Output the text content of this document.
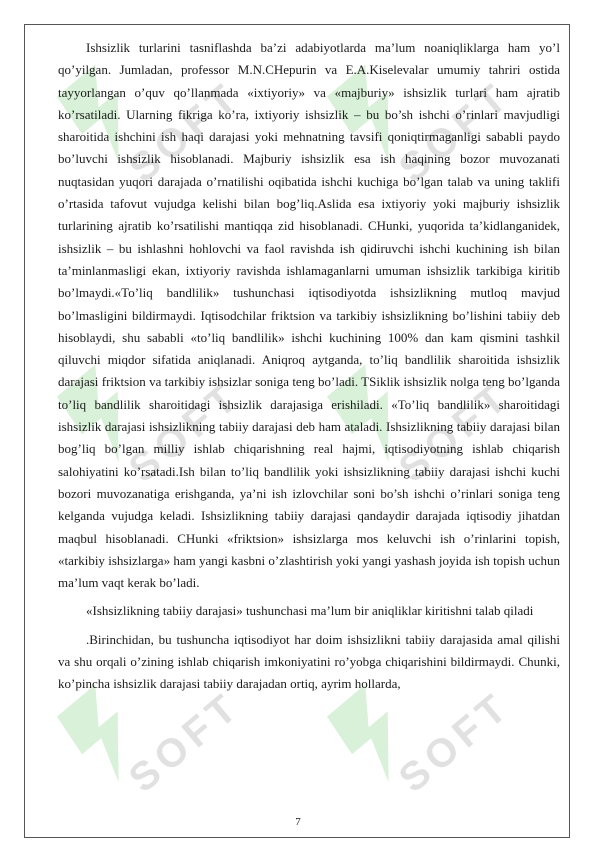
SOFT	SOFT
SOFT	SOFT
SOFT	SOFT

Ishsizlik turlarini tasniflashda ba’zi adabiyotlarda ma’lum noaniqliklarga ham yo’l qo’yilgan. Jumladan, professor M.N.CHepurin va E.A.Kiselevalar umumiy tahriri ostida tayyorlangan o’quv qo’llanmada «ixtiyoriy» va «majburiy» ishsizlik turlari ham ajratib ko’rsatiladi. Ularning fikriga ko’ra, ixtiyoriy ishsizlik – bu bo’sh ishchi o’rinlari mavjudligi sharoitida ishchini ish haqi darajasi yoki mehnatning tavsifi qoniqtirmaganligi sababli paydo bo’luvchi ishsizlik hisoblanadi. Majburiy ishsizlik esa ish haqining bozor muvozanati nuqtasidan yuqori darajada o’rnatilishi oqibatida ishchi kuchiga bo’lgan talab va uning taklifi o’rtasida tafovut vujudga kelishi bilan bog’liq.Aslida esa ixtiyoriy yoki majburiy ishsizlik turlarining ajratib ko’rsatilishi mantiqqa zid hisoblanadi. CHunki, yuqorida ta’kidlanganidek, ishsizlik – bu ishlashni hohlovchi va faol ravishda ish qidiruvchi ishchi kuchining ish bilan ta’minlanmasligi ekan, ixtiyoriy ravishda ishlamaganlarni umuman ishsizlik tarkibiga kiritib bo’lmaydi.«To’liq bandlilik» tushunchasi iqtisodiyotda ishsizlikning mutloq mavjud bo’lmasligini bildirmaydi. Iqtisodchilar friktsion va tarkibiy ishsizlikning bo’lishini tabiiy deb hisoblaydi, shu sababli «to’liq bandlilik» ishchi kuchining 100% dan kam qismini tashkil qiluvchi miqdor sifatida aniqlanadi. Aniqroq aytganda, to’liq bandlilik sharoitida ishsizlik darajasi friktsion va tarkibiy ishsizlar soniga teng bo’ladi. TSiklik ishsizlik nolga teng bo’lganda to’liq bandlilik sharoitidagi ishsizlik darajasiga erishiladi. «To’liq bandlilik» sharoitidagi ishsizlik darajasi ishsizlikning tabiiy darajasi deb ham ataladi. Ishsizlikning tabiiy darajasi bilan bog’liq bo’lgan milliy ishlab chiqarishning real hajmi, iqtisodiyotning ishlab chiqarish salohiyatini ko’rsatadi.Ish bilan to’liq bandlilik yoki ishsizlikning tabiiy darajasi ishchi kuchi bozori muvozanatiga erishganda, ya’ni ish izlovchilar soni bo’sh ishchi o’rinlari soniga teng kelganda vujudga keladi. Ishsizlikning tabiiy darajasi qandaydir darajada iqtisodiy jihatdan maqbul hisoblanadi. CHunki «friktsion» ishsizlarga mos keluvchi ish o’rinlarini topish, «tarkibiy ishsizlarga» ham yangi kasbni o’zlashtirish yoki yangi yashash joyida ish topish uchun ma’lum vaqt kerak bo’ladi.

«Ishsizlikning tabiiy darajasi» tushunchasi ma’lum bir aniqliklar kiritishni talab qiladi

.Birinchidan, bu tushuncha iqtisodiyot har doim ishsizlikni tabiiy darajasida amal qilishi va shu orqali o’zining ishlab chiqarish imkoniyatini ro’yobga chiqarishini bildirmaydi. Chunki, ko’pincha ishsizlik darajasi tabiiy darajadan ortiq, ayrim hollarda,

7
